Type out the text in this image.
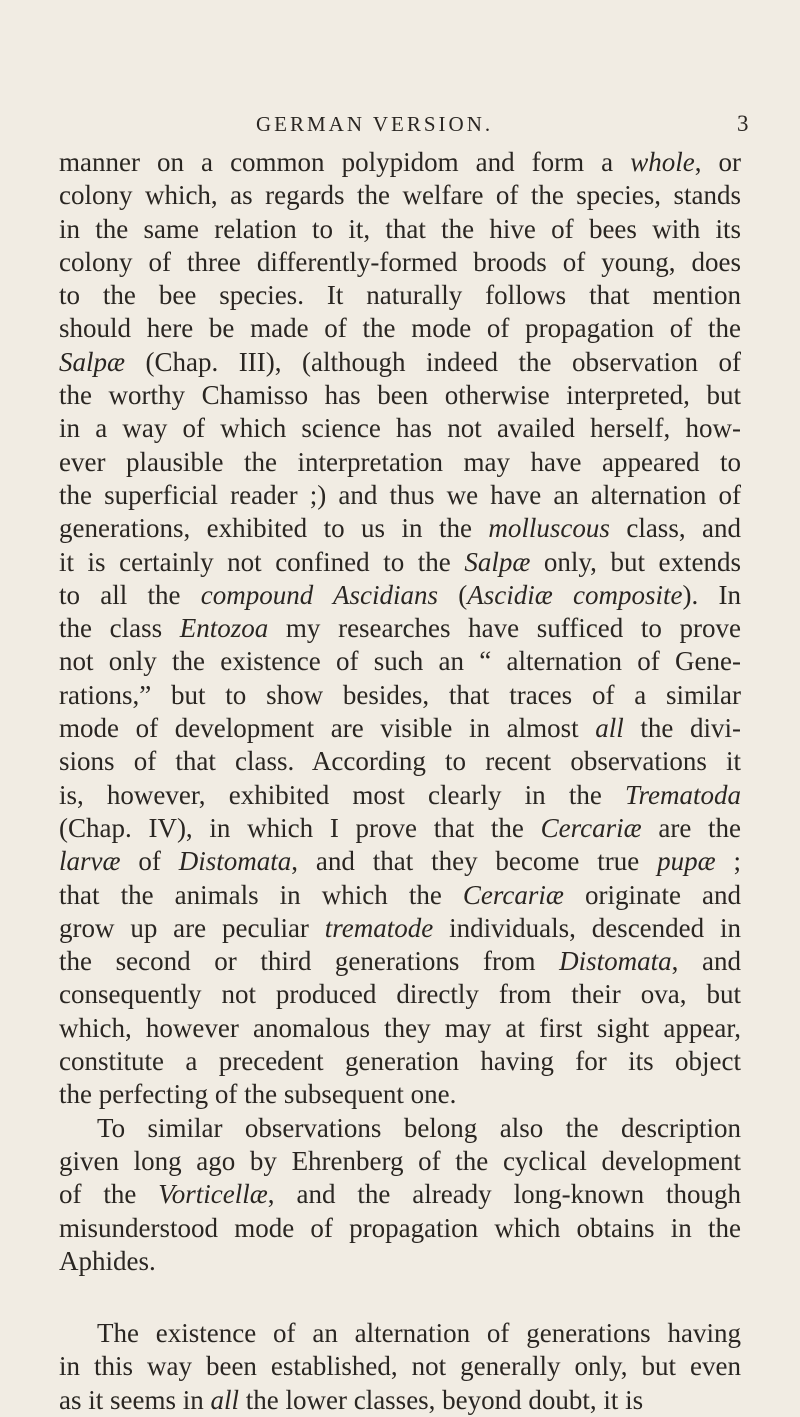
GERMAN VERSION.	3
manner on a common polypidom and form a whole, or
colony which, as regards the welfare of the species, stands
in the same relation to it, that the hive of bees with its
colony of three differently-formed broods of young, does
to the bee species. It naturally follows that mention
should here be made of the mode of propagation of the
Salpæ (Chap. III), (although indeed the observation of
the worthy Chamisso has been otherwise interpreted, but
in a way of which science has not availed herself, how-
ever plausible the interpretation may have appeared to
the superficial reader ;) and thus we have an alternation of
generations, exhibited to us in the molluscous class, and
it is certainly not confined to the Salpæ only, but extends
to all the compound Ascidians (Ascidiæ composite). In
the class Entozoa my researches have sufficed to prove
not only the existence of such an “ alternation of Gene-
rations,” but to show besides, that traces of a similar
mode of development are visible in almost all the divi-
sions of that class. According to recent observations it
is, however, exhibited most clearly in the Trematoda
(Chap. IV), in which I prove that the Cercariæ are the
larvæ of Distomata, and that they become true pupæ ;
that the animals in which the Cercariæ originate and
grow up are peculiar trematode individuals, descended in
the second or third generations from Distomata, and
consequently not produced directly from their ova, but
which, however anomalous they may at first sight appear,
constitute a precedent generation having for its object
the perfecting of the subsequent one.
To similar observations belong also the description
given long ago by Ehrenberg of the cyclical development
of the Vorticellæ, and the already long-known though
misunderstood mode of propagation which obtains in the
Aphides.
The existence of an alternation of generations having
in this way been established, not generally only, but even
as it seems in all the lower classes, beyond doubt, it is
